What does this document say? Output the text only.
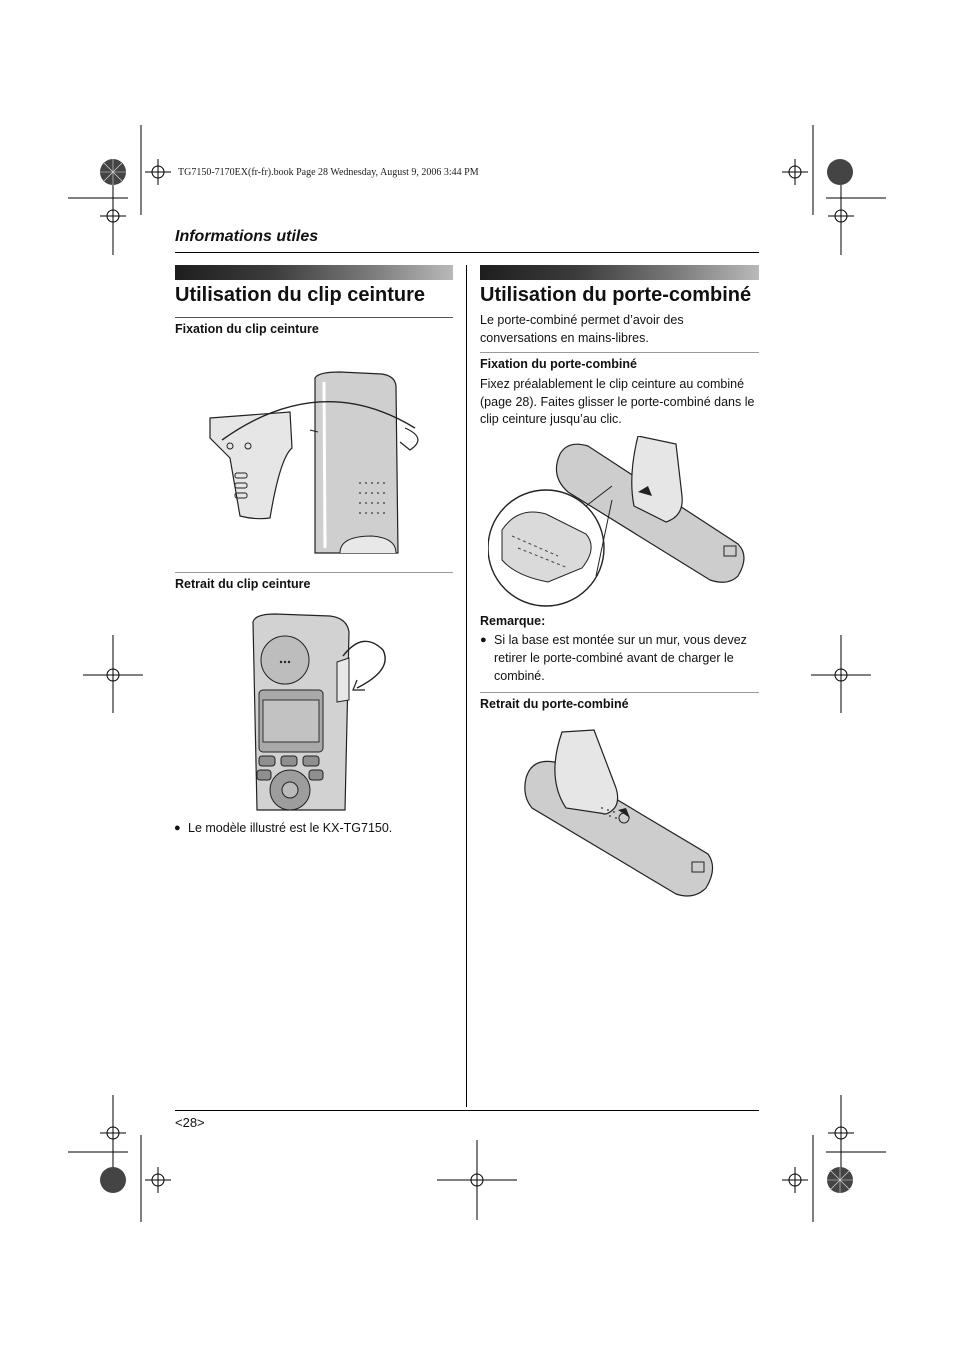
TG7150-7170EX(fr-fr).book Page 28 Wednesday, August 9, 2006 3:44 PM
Informations utiles
Utilisation du clip ceinture
Fixation du clip ceinture
Retrait du clip ceinture
● Le modèle illustré est le KX-TG7150.
Utilisation du porte-combiné
Le porte-combiné permet d’avoir des conversations en mains-libres.
Fixation du porte-combiné
Fixez préalablement le clip ceinture au combiné (page 28). Faites glisser le porte-combiné dans le clip ceinture jusqu’au clic.
Remarque:
● Si la base est montée sur un mur, vous devez retirer le porte-combiné avant de charger le combiné.
Retrait du porte-combiné
<28>
